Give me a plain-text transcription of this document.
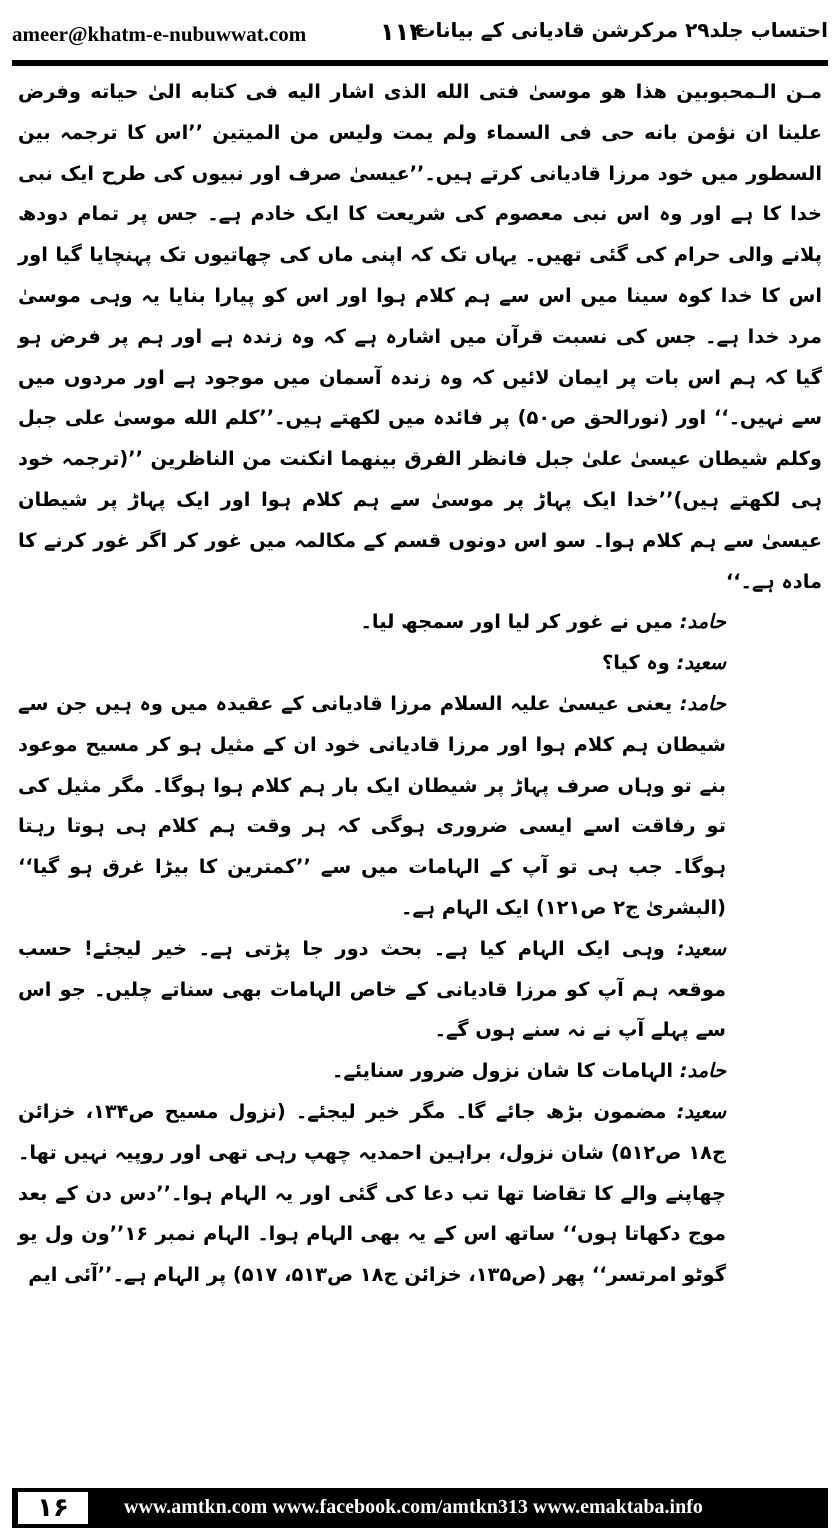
ameer@khatm-e-nubuwwat.com	۱۱۴
احتساب جلد۲۹ مرکرشن قادیانی کے بیانات

مـن الـمحبوبين هذا هو موسىٰ فتى الله الذى اشار اليه فى كتابه الىٰ حياته وفرض علينا ان نؤمن بانه حى فى السماء ولم يمت وليس من الميتين ’’اس کا ترجمہ بین السطور میں خود مرزا قادیانی کرتے ہیں۔’’عیسیٰ صرف اور نبیوں کی طرح ایک نبی خدا کا ہے اور وہ اس نبی معصوم کی شریعت کا ایک خادم ہے۔ جس پر تمام دودھ پلانے والی حرام کی گئی تھیں۔ یہاں تک کہ اپنی ماں کی چھاتیوں تک پہنچایا گیا اور اس کا خدا کوہ سینا میں اس سے ہم کلام ہوا اور اس کو پیارا بنایا یہ وہی موسیٰ مرد خدا ہے۔ جس کی نسبت قرآن میں اشارہ ہے کہ وہ زندہ ہے اور ہم پر فرض ہو گیا کہ ہم اس بات پر ایمان لائیں کہ وہ زندہ آسمان میں موجود ہے اور مردوں میں سے نہیں۔‘‘ اور (نورالحق ص۵۰) پر فائدہ میں لکھتے ہیں۔’’كلم الله موسىٰ على جبل وكلم شيطان عيسىٰ علىٰ جبل فانظر الفرق بينهما انكنت من الناظرين ’’(ترجمہ خود ہی لکھتے ہیں)’’خدا ایک پہاڑ پر موسیٰ سے ہم کلام ہوا اور ایک پہاڑ پر شیطان عیسیٰ سے ہم کلام ہوا۔ سو اس دونوں قسم کے مکالمہ میں غور کر اگر غور کرنے کا مادہ ہے۔‘‘

حامد: میں نے غور کر لیا اور سمجھ لیا۔

سعید: وہ کیا؟

حامد: یعنی عیسیٰ علیہ السلام مرزا قادیانی کے عقیدہ میں وہ ہیں جن سے شیطان ہم کلام ہوا اور مرزا قادیانی خود ان کے مثیل ہو کر مسیح موعود بنے تو وہاں صرف پہاڑ پر شیطان ایک بار ہم کلام ہوا ہوگا۔ مگر مثیل کی تو رفاقت اسے ایسی ضروری ہوگی کہ ہر وقت ہم کلام ہی ہوتا رہتا ہوگا۔ جب ہی تو آپ کے الہامات میں سے ’’کمترین کا بیڑا غرق ہو گیا‘‘ (البشریٰ ج۲ ص۱۲۱) ایک الہام ہے۔

سعید: وہی ایک الہام کیا ہے۔ بحث دور جا پڑتی ہے۔ خیر لیجئے! حسب موقعہ ہم آپ کو مرزا قادیانی کے خاص الہامات بھی سناتے چلیں۔ جو اس سے پہلے آپ نے نہ سنے ہوں گے۔

حامد: الہامات کا شان نزول ضرور سنایئے۔

سعید: مضمون بڑھ جائے گا۔ مگر خیر لیجئے۔ (نزول مسیح ص۱۳۴، خزائن ج۱۸ ص۵۱۲) شان نزول، براہین احمدیہ چھپ رہی تھی اور روپیہ نہیں تھا۔ چھاپنے والے کا تقاضا تھا تب دعا کی گئی اور یہ الہام ہوا۔’’دس دن کے بعد موج دکھاتا ہوں‘‘ ساتھ اس کے یہ بھی الہام ہوا۔ الہام نمبر ۱۶’’ون ول یو گوٹو امرتسر‘‘ پھر (ص۱۳۵، خزائن ج۱۸ ص۵۱۳، ۵۱۷) پر الہام ہے۔’’آئی ایم

۱۶	www.amtkn.com www.facebook.com/amtkn313 www.emaktaba.info
